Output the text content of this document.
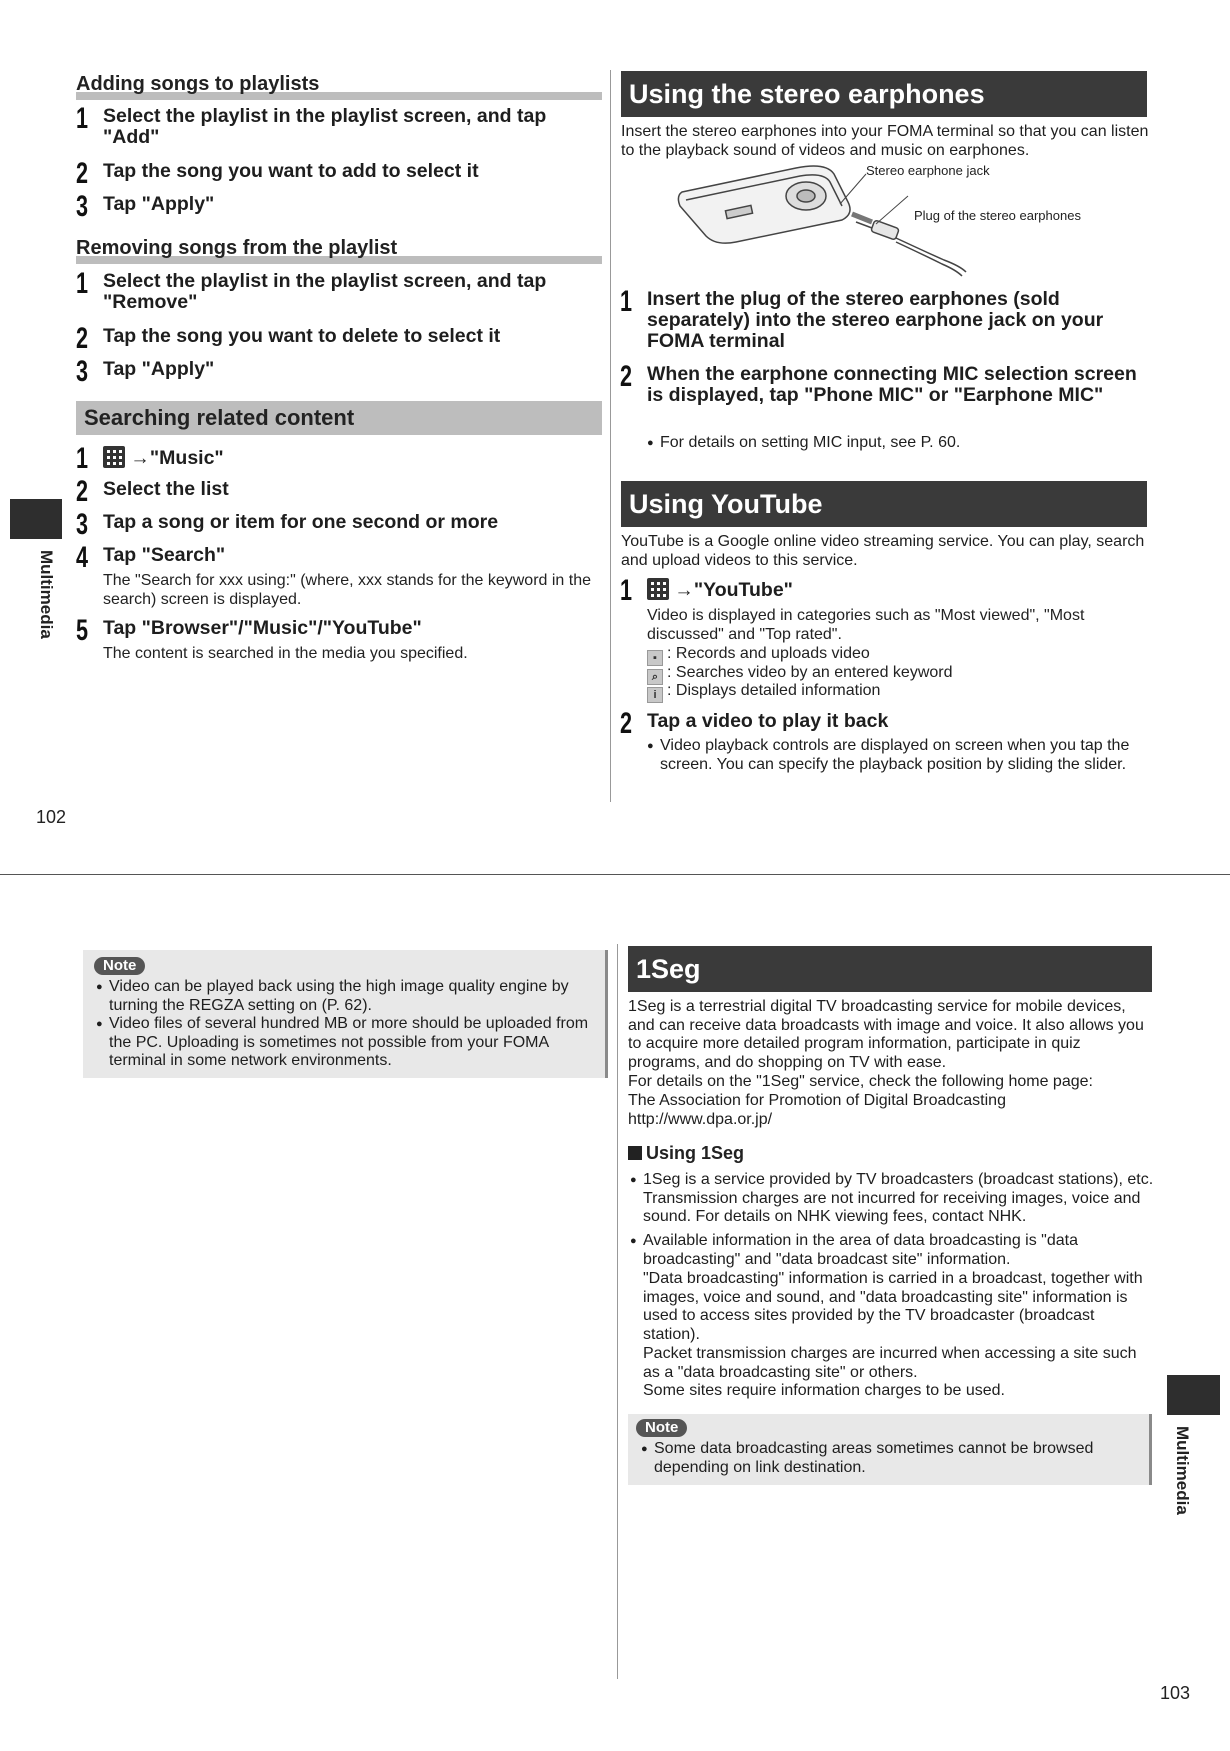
Adding songs to playlists
1 Select the playlist in the playlist screen, and tap "Add"
2 Tap the song you want to add to select it
3 Tap "Apply"
Removing songs from the playlist
1 Select the playlist in the playlist screen, and tap "Remove"
2 Tap the song you want to delete to select it
3 Tap "Apply"
Searching related content
1	→"Music"
2 Select the list
3 Tap a song or item for one second or more
4 Tap "Search"
The "Search for xxx using:" (where, xxx stands for the keyword in the search) screen is displayed.
5 Tap "Browser"/"Music"/"YouTube"
The content is searched in the media you specified.
Multimedia
Using the stereo earphones
Insert the stereo earphones into your FOMA terminal so that you can listen to the playback sound of videos and music on earphones.
Stereo earphone jack
Plug of the stereo earphones
1 Insert the plug of the stereo earphones (sold separately) into the stereo earphone jack on your FOMA terminal
2 When the earphone connecting MIC selection screen is displayed, tap "Phone MIC" or "Earphone MIC"
● For details on setting MIC input, see P. 60.
Using YouTube
YouTube is a Google online video streaming service. You can play, search and upload videos to this service.
1	→"YouTube"
Video is displayed in categories such as "Most viewed", "Most discussed" and "Top rated".
▪ : Records and uploads video
⌕ : Searches video by an entered keyword
i : Displays detailed information
2 Tap a video to play it back
● Video playback controls are displayed on screen when you tap the screen. You can specify the playback position by sliding the slider.
102
Note
● Video can be played back using the high image quality engine by turning the REGZA setting on (P. 62).
● Video files of several hundred MB or more should be uploaded from the PC. Uploading is sometimes not possible from your FOMA terminal in some network environments.
1Seg
1Seg is a terrestrial digital TV broadcasting service for mobile devices, and can receive data broadcasts with image and voice. It also allows you to acquire more detailed program information, participate in quiz programs, and do shopping on TV with ease.
For details on the "1Seg" service, check the following home page:
The Association for Promotion of Digital Broadcasting
http://www.dpa.or.jp/
Using 1Seg
● 1Seg is a service provided by TV broadcasters (broadcast stations), etc. Transmission charges are not incurred for receiving images, voice and sound. For details on NHK viewing fees, contact NHK.
● Available information in the area of data broadcasting is "data broadcasting" and "data broadcast site" information.
"Data broadcasting" information is carried in a broadcast, together with images, voice and sound, and "data broadcasting site" information is used to access sites provided by the TV broadcaster (broadcast station).
Packet transmission charges are incurred when accessing a site such as a "data broadcasting site" or others.
Some sites require information charges to be used.
Note
● Some data broadcasting areas sometimes cannot be browsed depending on link destination.	Multimedia
103
